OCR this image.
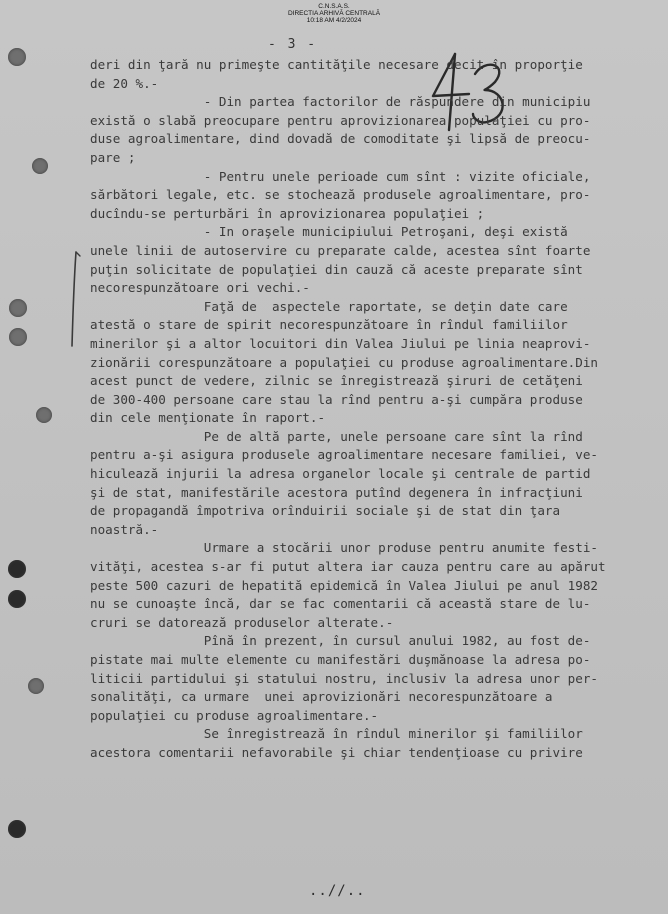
C.N.S.A.S.
DIRECTIA ARHIVĂ CENTRALĂ
10:18 AM 4/2/2024
- 3 -
deri din ţară nu primeşte cantităţile necesare decit în proporţie
de 20 %.-
- Din partea factorilor de răspundere din municipiu
există o slabă preocupare pentru aprovizionarea populaţiei cu pro-
duse agroalimentare, dind dovadă de comoditate şi lipsă de preocu-
pare ;
- Pentru unele perioade cum sînt : vizite oficiale,
sărbători legale, etc. se stochează produsele agroalimentare, pro-
ducîndu-se perturbări în aprovizionarea populaţiei ;
- In oraşele municipiului Petroşani, deşi există
unele linii de autoservire cu preparate calde, acestea sînt foarte
puţin solicitate de populaţiei din cauză că aceste preparate sînt
necorespunzătoare ori vechi.-
Faţă de  aspectele raportate, se deţin date care
atestă o stare de spirit necorespunzătoare în rîndul familiilor
minerilor şi a altor locuitori din Valea Jiului pe linia neaprovi-
zionării corespunzătoare a populaţiei cu produse agroalimentare.Din
acest punct de vedere, zilnic se înregistrează şiruri de cetăţeni
de 300-400 persoane care stau la rînd pentru a-şi cumpăra produse
din cele menţionate în raport.-
Pe de altă parte, unele persoane care sînt la rînd
pentru a-şi asigura produsele agroalimentare necesare familiei, ve-
hiculează injurii la adresa organelor locale şi centrale de partid
şi de stat, manifestările acestora putînd degenera în infracţiuni
de propagandă împotriva orînduirii sociale şi de stat din ţara
noastră.-
Urmare a stocării unor produse pentru anumite festi-
vităţi, acestea s-ar fi putut altera iar cauza pentru care au apărut
peste 500 cazuri de hepatită epidemică în Valea Jiului pe anul 1982
nu se cunoaşte încă, dar se fac comentarii că această stare de lu-
cruri se datorează produselor alterate.-
Pînă în prezent, în cursul anului 1982, au fost de-
pistate mai multe elemente cu manifestări duşmănoase la adresa po-
liticii partidului şi statului nostru, inclusiv la adresa unor per-
sonalităţi, ca urmare  unei aprovizionări necorespunzătoare a
populaţiei cu produse agroalimentare.-
Se înregistrează în rîndul minerilor şi familiilor
acestora comentarii nefavorabile şi chiar tendenţioase cu privire
..//..
